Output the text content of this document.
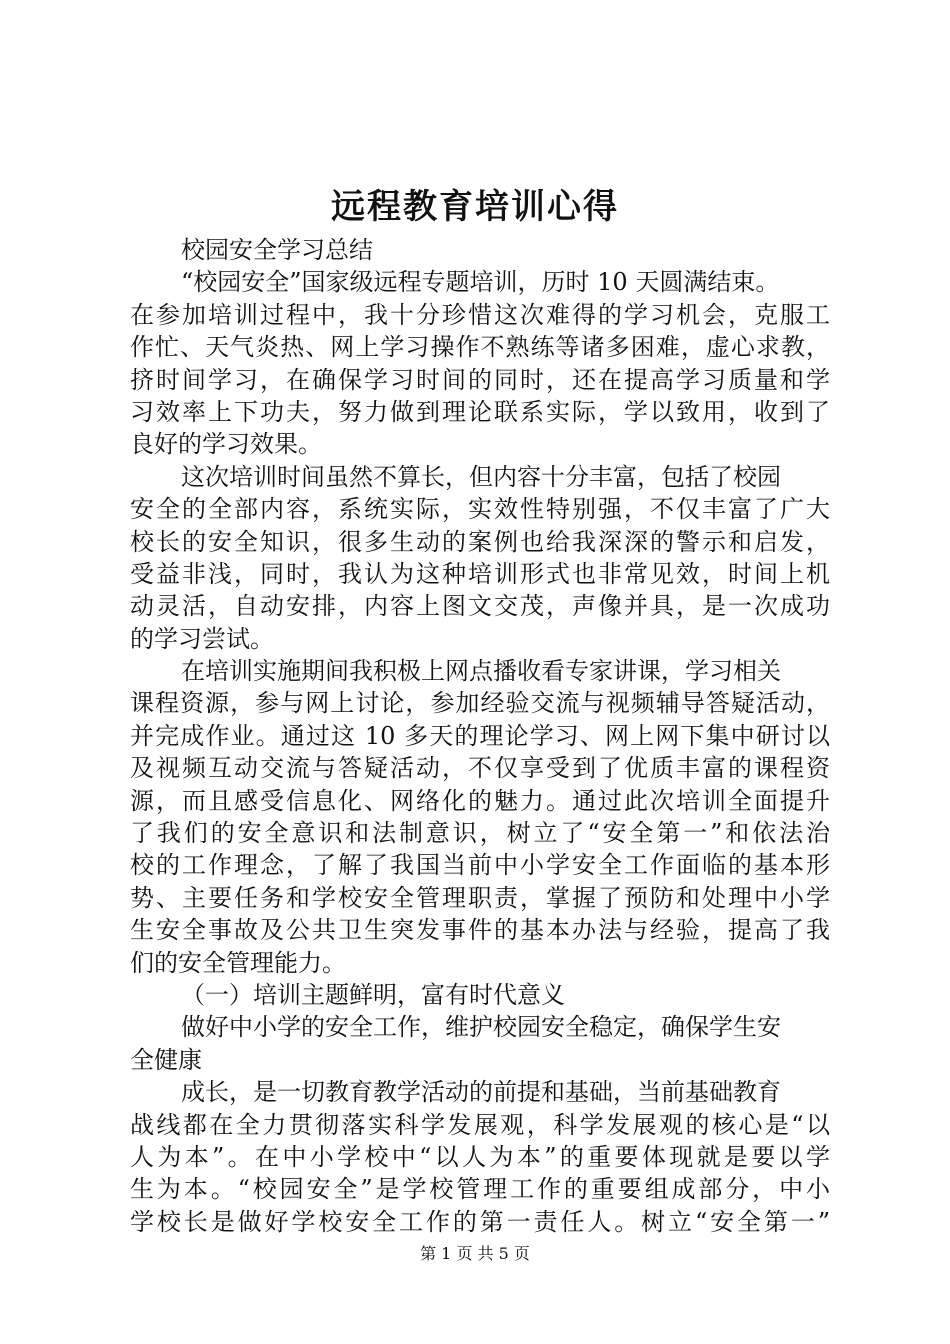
远程教育培训心得
校园安全学习总结
“校园安全”国家级远程专题培训，历时 10 天圆满结束。
在参加培训过程中，我十分珍惜这次难得的学习机会，克服工
作忙、天气炎热、网上学习操作不熟练等诸多困难，虚心求教，
挤时间学习，在确保学习时间的同时，还在提高学习质量和学
习效率上下功夫，努力做到理论联系实际，学以致用，收到了
良好的学习效果。
这次培训时间虽然不算长，但内容十分丰富，包括了校园
安全的全部内容，系统实际，实效性特别强，不仅丰富了广大
校长的安全知识，很多生动的案例也给我深深的警示和启发，
受益非浅，同时，我认为这种培训形式也非常见效，时间上机
动灵活，自动安排，内容上图文交茂，声像并具，是一次成功
的学习尝试。
在培训实施期间我积极上网点播收看专家讲课，学习相关
课程资源，参与网上讨论，参加经验交流与视频辅导答疑活动，
并完成作业。通过这 10 多天的理论学习、网上网下集中研讨以
及视频互动交流与答疑活动，不仅享受到了优质丰富的课程资
源，而且感受信息化、网络化的魅力。通过此次培训全面提升
了我们的安全意识和法制意识，树立了“安全第一”和依法治
校的工作理念，了解了我国当前中小学安全工作面临的基本形
势、主要任务和学校安全管理职责，掌握了预防和处理中小学
生安全事故及公共卫生突发事件的基本办法与经验，提高了我
们的安全管理能力。
（一）培训主题鲜明，富有时代意义
做好中小学的安全工作，维护校园安全稳定，确保学生安
全健康
成长，是一切教育教学活动的前提和基础，当前基础教育
战线都在全力贯彻落实科学发展观，科学发展观的核心是“以
人为本”。在中小学校中“以人为本”的重要体现就是要以学
生为本。“校园安全”是学校管理工作的重要组成部分，中小
学校长是做好学校安全工作的第一责任人。树立“安全第一”
第 1 页 共 5 页
